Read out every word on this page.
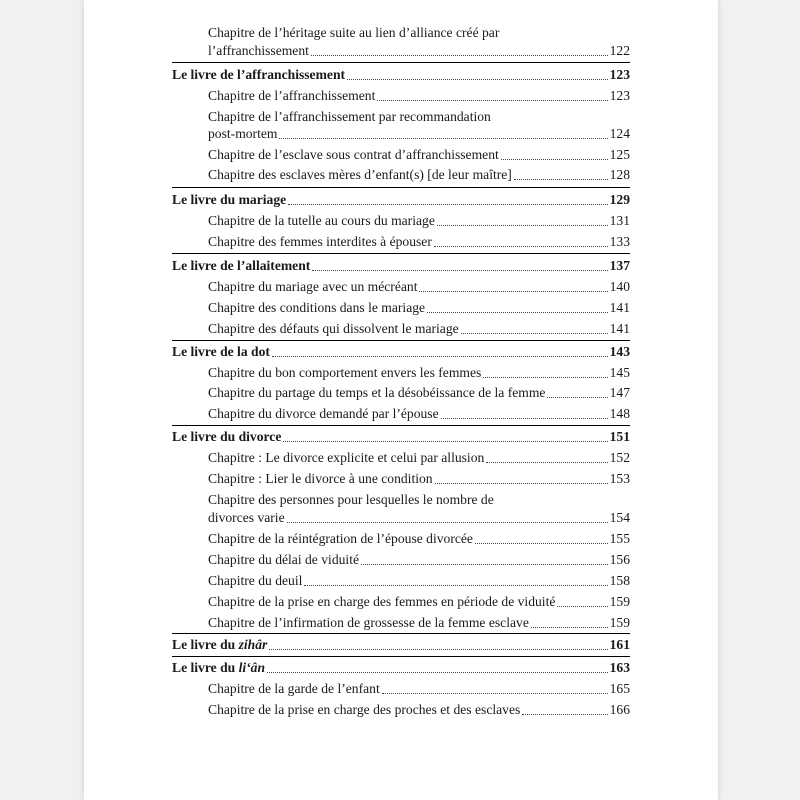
Chapitre de l’héritage suite au lien d’alliance créé par
l’affranchissement	122
Le livre de l’affranchissement	123
Chapitre de l’affranchissement	123
Chapitre de l’affranchissement par recommandation
post-mortem	124
Chapitre de l’esclave sous contrat d’affranchissement	125
Chapitre des esclaves mères d’enfant(s) [de leur maître]	128
Le livre du mariage	129
Chapitre de la tutelle au cours du mariage	131
Chapitre des femmes interdites à épouser	133
Le livre de l’allaitement	137
Chapitre du mariage avec un mécréant	140
Chapitre des conditions dans le mariage	141
Chapitre des défauts qui dissolvent le mariage	141
Le livre de la dot	143
Chapitre du bon comportement envers les femmes	145
Chapitre du partage du temps et la désobéissance de la femme	147
Chapitre du divorce demandé par l’épouse	148
Le livre du divorce	151
Chapitre : Le divorce explicite et celui par allusion	152
Chapitre : Lier le divorce à une condition	153
Chapitre des personnes pour lesquelles le nombre de
divorces varie	154
Chapitre de la réintégration de l’épouse divorcée	155
Chapitre du délai de viduité	156
Chapitre du deuil	158
Chapitre de la prise en charge des femmes en période de viduité	159
Chapitre de l’infirmation de grossesse de la femme esclave	159
Le livre du zihâr	161
Le livre du li‘ân	163
Chapitre de la garde de l’enfant	165
Chapitre de la prise en charge des proches et des esclaves	166
